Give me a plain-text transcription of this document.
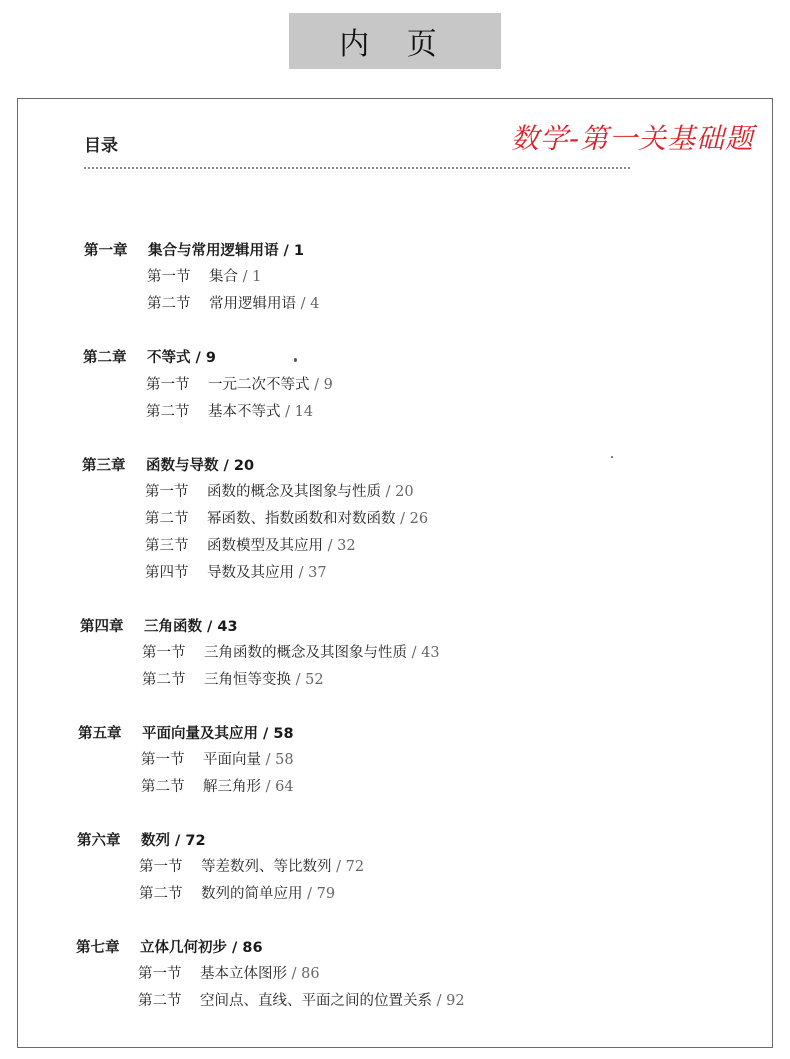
内 页
目录	数学-第一关基础题
第一章 集合与常用逻辑用语 / 1
第一节 集合 / 1
第二节 常用逻辑用语 / 4
第二章 不等式 / 9
第一节 一元二次不等式 / 9
第二节 基本不等式 / 14
第三章 函数与导数 / 20
第一节 函数的概念及其图象与性质 / 20
第二节 幂函数、指数函数和对数函数 / 26
第三节 函数模型及其应用 / 32
第四节 导数及其应用 / 37
第四章 三角函数 / 43
第一节 三角函数的概念及其图象与性质 / 43
第二节 三角恒等变换 / 52
第五章 平面向量及其应用 / 58
第一节 平面向量 / 58
第二节 解三角形 / 64
第六章 数列 / 72
第一节 等差数列、等比数列 / 72
第二节 数列的简单应用 / 79
第七章 立体几何初步 / 86
第一节 基本立体图形 / 86
第二节 空间点、直线、平面之间的位置关系 / 92
